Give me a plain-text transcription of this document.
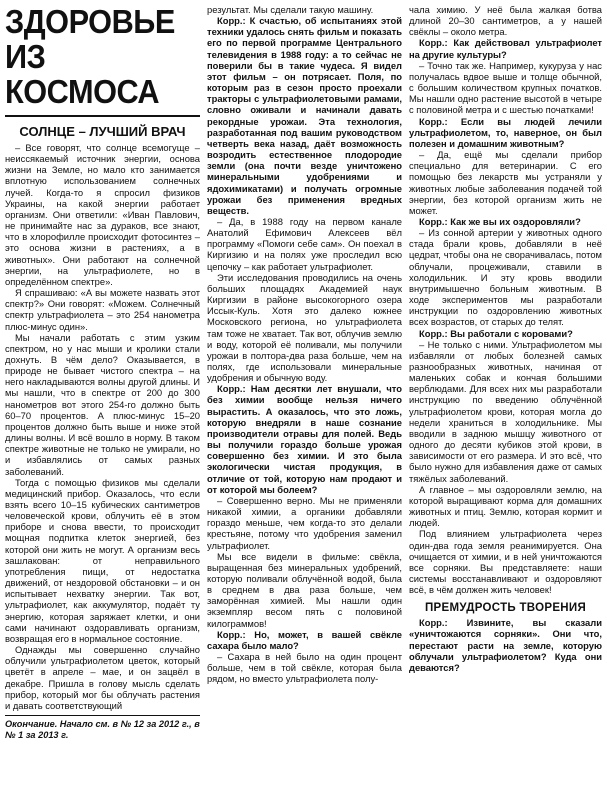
ЗДОРОВЬЕ
ИЗ КОСМОСА
СОЛНЦЕ – ЛУЧШИЙ ВРАЧ

– Все говорят, что солнце всемогуще – неиссякаемый источник энергии, основа жизни на Земле, но мало кто занимается вплотную использованием солнечных лучей. Когда-то я спросил физиков Украины, на какой энергии работает организм. Они ответили: «Иван Павлович, не принимайте нас за дураков, все знают, что в хлорофилле происходит фотосинтез – это основа жизни в растениях, а в животных». Они работают на солнечной энергии, на ультрафиолете, но в определённом спектре».

Я спрашиваю: «А вы можете назвать этот спектр?» Они говорят: «Можем. Солнечный спектр ультрафиолета – это 254 нанометра плюс-минус один».

Мы начали работать с этим узким спектром, но у нас мыши и кролики стали дохнуть. В чём дело? Оказывается, в природе не бывает чистого спектра – на него накладываются волны другой длины. И мы нашли, что в спектре от 200 до 300 нанометров вот этого 254-го должно быть 60–70 процентов. А плюс-минус 15–20 процентов должно быть выше и ниже этой длины волны. И всё вошло в норму. В таком спектре животные не только не умирали, но и избавлялись от самых разных заболеваний.

Тогда с помощью физиков мы сделали медицинский прибор. Оказалось, что если взять всего 10–15 кубических сантиметров человеческой крови, облучить её в этом приборе и снова ввести, то происходит мощная подпитка клеток энергией, без которой они жить не могут. А организм весь зашлакован: от неправильного употребления пищи, от недостатка движений, от нездоровой обстановки – и он испытывает нехватку энергии. Так вот, ультрафиолет, как аккумулятор, подаёт ту энергию, которая заряжает клетки, и они сами начинают оздоравливать организм, возвращая его в нормальное состояние.

Однажды мы совершенно случайно облучили ультрафиолетом цветок, который цветёт в апреле – мае, и он зацвёл в декабре. Пришла в голову мысль сделать прибор, который мог бы облучать растения и давать соответствующий

Окончание. Начало см. в № 12 за 2012 г., в № 1 за 2013 г.

результат. Мы сделали такую машину.

Корр.: К счастью, об испытаниях этой техники удалось снять фильм и показать его по первой программе Центрального телевидения в 1988 году: а то сейчас не поверили бы в такие чудеса. Я видел этот фильм – он потрясает. Поля, по которым раз в сезон просто проехали тракторы с ультрафиолетовыми рамами, словно оживали и начинали давать рекордные урожаи. Эта технология, разработанная под вашим руководством четверть века назад, даёт возможность возродить естественное плодородие земли (она почти везде уничтожено минеральными удобрениями и ядохимикатами) и получать огромные урожаи без применения вредных веществ.

– Да, в 1988 году на первом канале Анатолий Ефимович Алексеев вёл программу «Помоги себе сам». Он поехал в Киргизию и на полях уже проследил всю цепочку – как работает ультрафиолет.

Эти исследования проводились на очень больших площадях Академией наук Киргизии в районе высокогорного озера Иссык-Куль. Хотя это далеко южнее Московского региона, но ультрафиолета там тоже не хватает. Так вот, облучив землю и воду, которой её поливали, мы получили урожаи в полтора-два раза больше, чем на полях, где использовали минеральные удобрения и обычную воду.

Корр.: Нам десятки лет внушали, что без химии вообще нельзя ничего вырастить. А оказалось, что это ложь, которую внедряли в наше сознание производители отравы для полей. Ведь вы получили гораздо больше урожая совершенно без химии. И это была экологически чистая продукция, в отличие от той, которую нам продают и от которой мы болеем?

– Совершенно верно. Мы не применяли никакой химии, а органики добавляли гораздо меньше, чем когда-то это делали крестьяне, потому что удобрения заменил ультрафиолет.

Мы все видели в фильме: свёкла, выращенная без минеральных удобрений, которую поливали облучённой водой, была в среднем в два раза больше, чем заморённая химией. Мы нашли один экземпляр весом пять с половиной килограммов!

Корр.: Но, может, в вашей свёкле сахара было мало?

– Сахара в ней было на один процент больше, чем в той свёкле, которая была рядом, но вместо ультрафиолета полу-

чала химию. У неё была жалкая ботва длиной 20–30 сантиметров, а у нашей свёклы – около метра.

Корр.: Как действовал ультрафиолет на другие культуры?

– Точно так же. Например, кукуруза у нас получалась вдвое выше и толще обычной, с большим количеством крупных початков. Мы нашли одно растение высотой в четыре с половиной метра и с шестью початками!

Корр.: Если вы людей лечили ультрафиолетом, то, наверное, он был полезен и домашним животным?

– Да, ещё мы сделали прибор специально для ветеринарии. С его помощью без лекарств мы устраняли у животных любые заболевания подачей той энергии, без которой организм жить не может.

Корр.: Как же вы их оздоровляли?

– Из сонной артерии у животных одного стада брали кровь, добавляли в неё цедрат, чтобы она не сворачивалась, потом облучали, процеживали, ставили в холодильник. И эту кровь вводили внутримышечно больным животным. В ходе экспериментов мы разработали инструкции по оздоровлению животных всех возрастов, от старых до телят.

Корр.: Вы работали с коровами?

– Не только с ними. Ультрафиолетом мы избавляли от любых болезней самых разнообразных животных, начиная от маленьких собак и кончая большими верблюдами. Для всех них мы разработали инструкцию по введению облучённой ультрафиолетом крови, которая могла до недели храниться в холодильнике. Мы вводили в заднюю мышцу животного от одного до десяти кубиков этой крови, в зависимости от его размера. И это всё, что было нужно для избавления даже от самых тяжёлых заболеваний.

А главное – мы оздоровляли землю, на которой выращивают корма для домашних животных и птиц. Землю, которая кормит и людей.

Под влиянием ультрафиолета через один-два года земля реанимируется. Она очищается от химии, и в ней уничтожаются все сорняки. Вы представляете: наши системы восстанавливают и оздоровляют всё, в чём должен жить человек!

ПРЕМУДРОСТЬ ТВОРЕНИЯ

Корр.: Извините, вы сказали «уничтожаются сорняки». Они что, перестают расти на земле, которую облучали ультрафиолетом? Куда они деваются?
